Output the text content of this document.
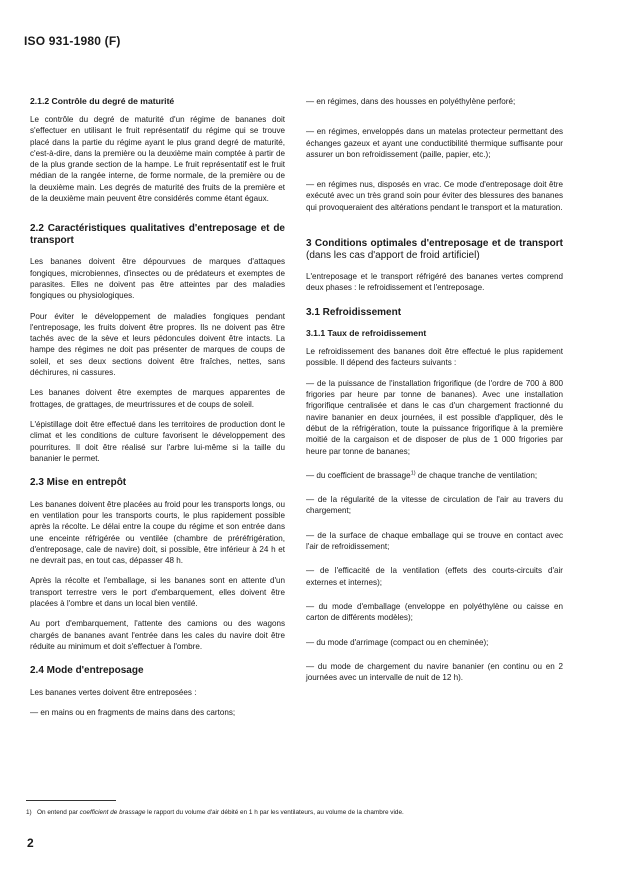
ISO 931-1980 (F)
2.1.2 Contrôle du degré de maturité

Le contrôle du degré de maturité d'un régime de bananes doit s'effectuer en utilisant le fruit représentatif du régime qui se trouve placé dans la partie du régime ayant le plus grand degré de maturité, c'est-à-dire, dans la première ou la deuxième main comptée à partir de de la plus grande section de la hampe. Le fruit représentatif est le fruit médian de la rangée interne, de forme normale, de la première ou de la deuxième main. Les degrés de maturité des fruits de la première et de la deuxième main peuvent être considérés comme étant égaux.

2.2 Caractéristiques qualitatives d'entreposage et de transport

Les bananes doivent être dépourvues de marques d'attaques fongiques, microbiennes, d'insectes ou de prédateurs et exemptes de parasites. Elles ne doivent pas être atteintes par des maladies fongiques ou physiologiques.

Pour éviter le développement de maladies fongiques pendant l'entreposage, les fruits doivent être propres. Ils ne doivent pas être tachés avec de la sève et leurs pédoncules doivent être intacts. La hampe des régimes ne doit pas présenter de marques de coups de soleil, et ses deux sections doivent être fraîches, nettes, sans déchirures, ni cassures.

Les bananes doivent être exemptes de marques apparentes de frottages, de grattages, de meurtrissures et de coups de soleil.

L'épistillage doit être effectué dans les territoires de production dont le climat et les conditions de culture favorisent le développement des pourritures. Il doit être réalisé sur l'arbre lui-même si la taille du bananier le permet.

2.3 Mise en entrepôt

Les bananes doivent être placées au froid pour les transports longs, ou en ventilation pour les transports courts, le plus rapidement possible après la récolte. Le délai entre la coupe du régime et son entrée dans une enceinte réfrigérée ou ventilée (chambre de préréfrigération, d'entreposage, cale de navire) doit, si possible, être inférieur à 24 h et ne devrait pas, en tout cas, dépasser 48 h.

Après la récolte et l'emballage, si les bananes sont en attente d'un transport terrestre vers le port d'embarquement, elles doivent être placées à l'ombre et dans un local bien ventilé.

Au port d'embarquement, l'attente des camions ou des wagons chargés de bananes avant l'entrée dans les cales du navire doit être réduite au minimum et doit s'effectuer à l'ombre.

2.4 Mode d'entreposage

Les bananes vertes doivent être entreposées :

— en mains ou en fragments de mains dans des cartons;

— en régimes, dans des housses en polyéthylène perforé;

— en régimes, enveloppés dans un matelas protecteur permettant des échanges gazeux et ayant une conductibilité thermique suffisante pour assurer un bon refroidissement (paille, papier, etc.);

— en régimes nus, disposés en vrac. Ce mode d'entreposage doit être exécuté avec un très grand soin pour éviter des blessures des bananes qui provoqueraient des altérations pendant le transport et la maturation.

3 Conditions optimales d'entreposage et de transport (dans les cas d'apport de froid artificiel)

L'entreposage et le transport réfrigéré des bananes vertes comprend deux phases : le refroidissement et l'entreposage.

3.1 Refroidissement
3.1.1 Taux de refroidissement

Le refroidissement des bananes doit être effectué le plus rapidement possible. Il dépend des facteurs suivants :

— de la puissance de l'installation frigorifique (de l'ordre de 700 à 800 frigories par heure par tonne de bananes). Avec une installation frigorifique centralisée et dans le cas d'un chargement fractionné du navire bananier en deux journées, il est possible d'appliquer, dès le début de la réfrigération, toute la puissance frigorifique à la première moitié de la cargaison et de disposer de plus de 1 000 frigories par heure par tonne de bananes;

— du coefficient de brassage$^{1)}$ de chaque tranche de ventilation;

— de la régularité de la vitesse de circulation de l'air au travers du chargement;

— de la surface de chaque emballage qui se trouve en contact avec l'air de refroidissement;

— de l'efficacité de la ventilation (effets des courts-circuits d'air externes et internes);

— du mode d'emballage (enveloppe en polyéthylène ou caisse en carton de différents modèles);

— du mode d'arrimage (compact ou en cheminée);

— du mode de chargement du navire bananier (en continu ou en 2 journées avec un intervalle de nuit de 12 h).

1) On entend par coefficient de brassage le rapport du volume d'air débité en 1 h par les ventilateurs, au volume de la chambre vide.
2
